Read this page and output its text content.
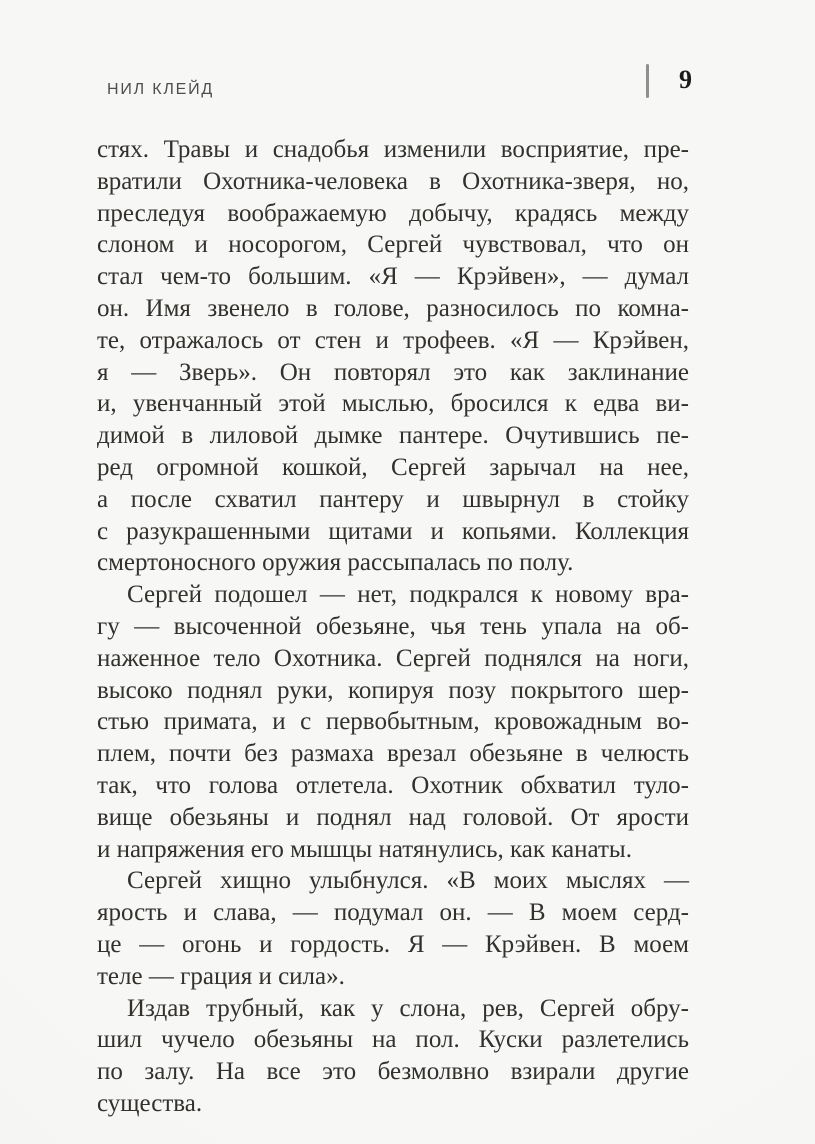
НИЛ КЛЕЙД	9
стях. Травы и снадобья изменили восприятие, пре-
вратили Охотника-человека в Охотника-зверя, но,
преследуя воображаемую добычу, крадясь между
слоном и носорогом, Сергей чувствовал, что он
стал чем-то большим. «Я — Крэйвен», — думал
он. Имя звенело в голове, разносилось по комна-
те, отражалось от стен и трофеев. «Я — Крэйвен,
я — Зверь». Он повторял это как заклинание
и, увенчанный этой мыслью, бросился к едва ви-
димой в лиловой дымке пантере. Очутившись пе-
ред огромной кошкой, Сергей зарычал на нее,
а после схватил пантеру и швырнул в стойку
с разукрашенными щитами и копьями. Коллекция
смертоносного оружия рассыпалась по полу.
Сергей подошел — нет, подкрался к новому вра-
гу — высоченной обезьяне, чья тень упала на об-
наженное тело Охотника. Сергей поднялся на ноги,
высоко поднял руки, копируя позу покрытого шер-
стью примата, и с первобытным, кровожадным во-
плем, почти без размаха врезал обезьяне в челюсть
так, что голова отлетела. Охотник обхватил туло-
вище обезьяны и поднял над головой. От ярости
и напряжения его мышцы натянулись, как канаты.
Сергей хищно улыбнулся. «В моих мыслях —
ярость и слава, — подумал он. — В моем серд-
це — огонь и гордость. Я — Крэйвен. В моем
теле — грация и сила».
Издав трубный, как у слона, рев, Сергей обру-
шил чучело обезьяны на пол. Куски разлетелись
по залу. На все это безмолвно взирали другие
существа.
